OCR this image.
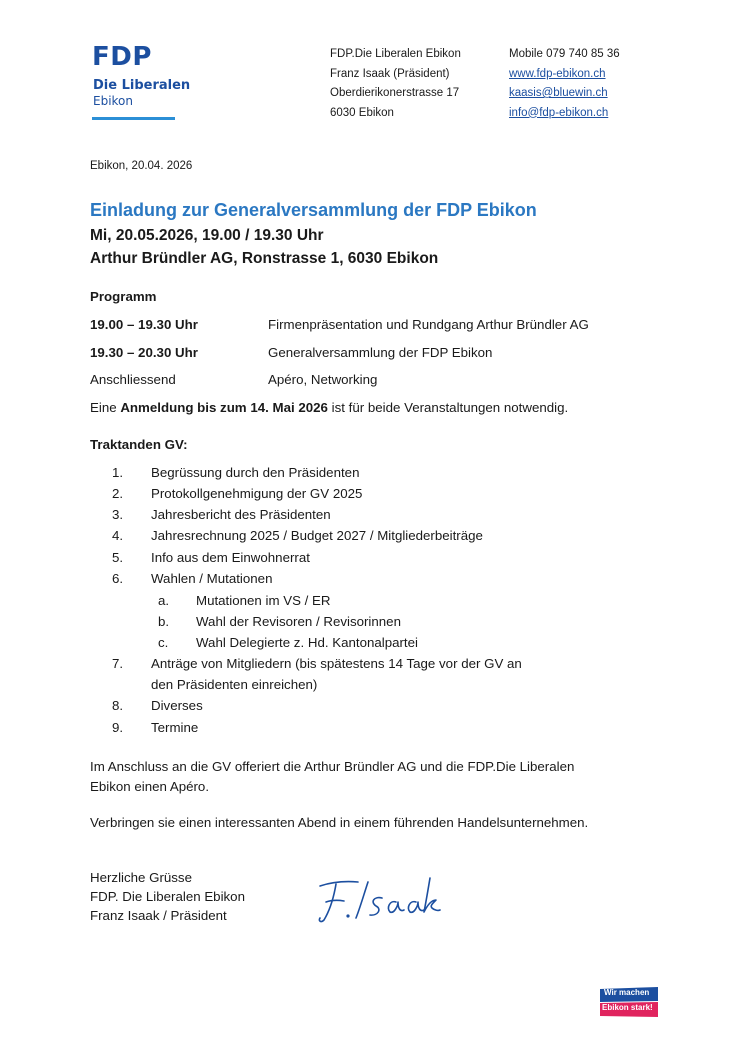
FDP
Die Liberalen
Ebikon
FDP.Die Liberalen Ebikon
Franz Isaak (Präsident)
Oberdierikonerstrasse 17
6030 Ebikon
Mobile 079 740 85 36
www.fdp-ebikon.ch
kaasis@bluewin.ch
info@fdp-ebikon.ch
Ebikon, 20.04. 2026
Einladung zur Generalversammlung der FDP Ebikon
Mi, 20.05.2026, 19.00 / 19.30 Uhr
Arthur Bründler AG, Ronstrasse 1, 6030 Ebikon
Programm
19.00 – 19.30 Uhr	Firmenpräsentation und Rundgang Arthur Bründler AG
19.30 – 20.30 Uhr	Generalversammlung der FDP Ebikon
Anschliessend	Apéro, Networking
Eine Anmeldung bis zum 14. Mai 2026 ist für beide Veranstaltungen notwendig.
Traktanden GV:
1. Begrüssung durch den Präsidenten
2. Protokollgenehmigung der GV 2025
3. Jahresbericht des Präsidenten
4. Jahresrechnung 2025 / Budget 2027 / Mitgliederbeiträge
5. Info aus dem Einwohnerrat
6. Wahlen / Mutationen
a. Mutationen im VS / ER
b. Wahl der Revisoren / Revisorinnen
c. Wahl Delegierte z. Hd. Kantonalpartei
7. Anträge von Mitgliedern (bis spätestens 14 Tage vor der GV an
den Präsidenten einreichen)
8. Diverses
9. Termine
Im Anschluss an die GV offeriert die Arthur Bründler AG und die FDP.Die Liberalen
Ebikon einen Apéro.
Verbringen sie einen interessanten Abend in einem führenden Handelsunternehmen.
Herzliche Grüsse
FDP. Die Liberalen Ebikon
Franz Isaak / Präsident
Wir machen
Ebikon stark!
